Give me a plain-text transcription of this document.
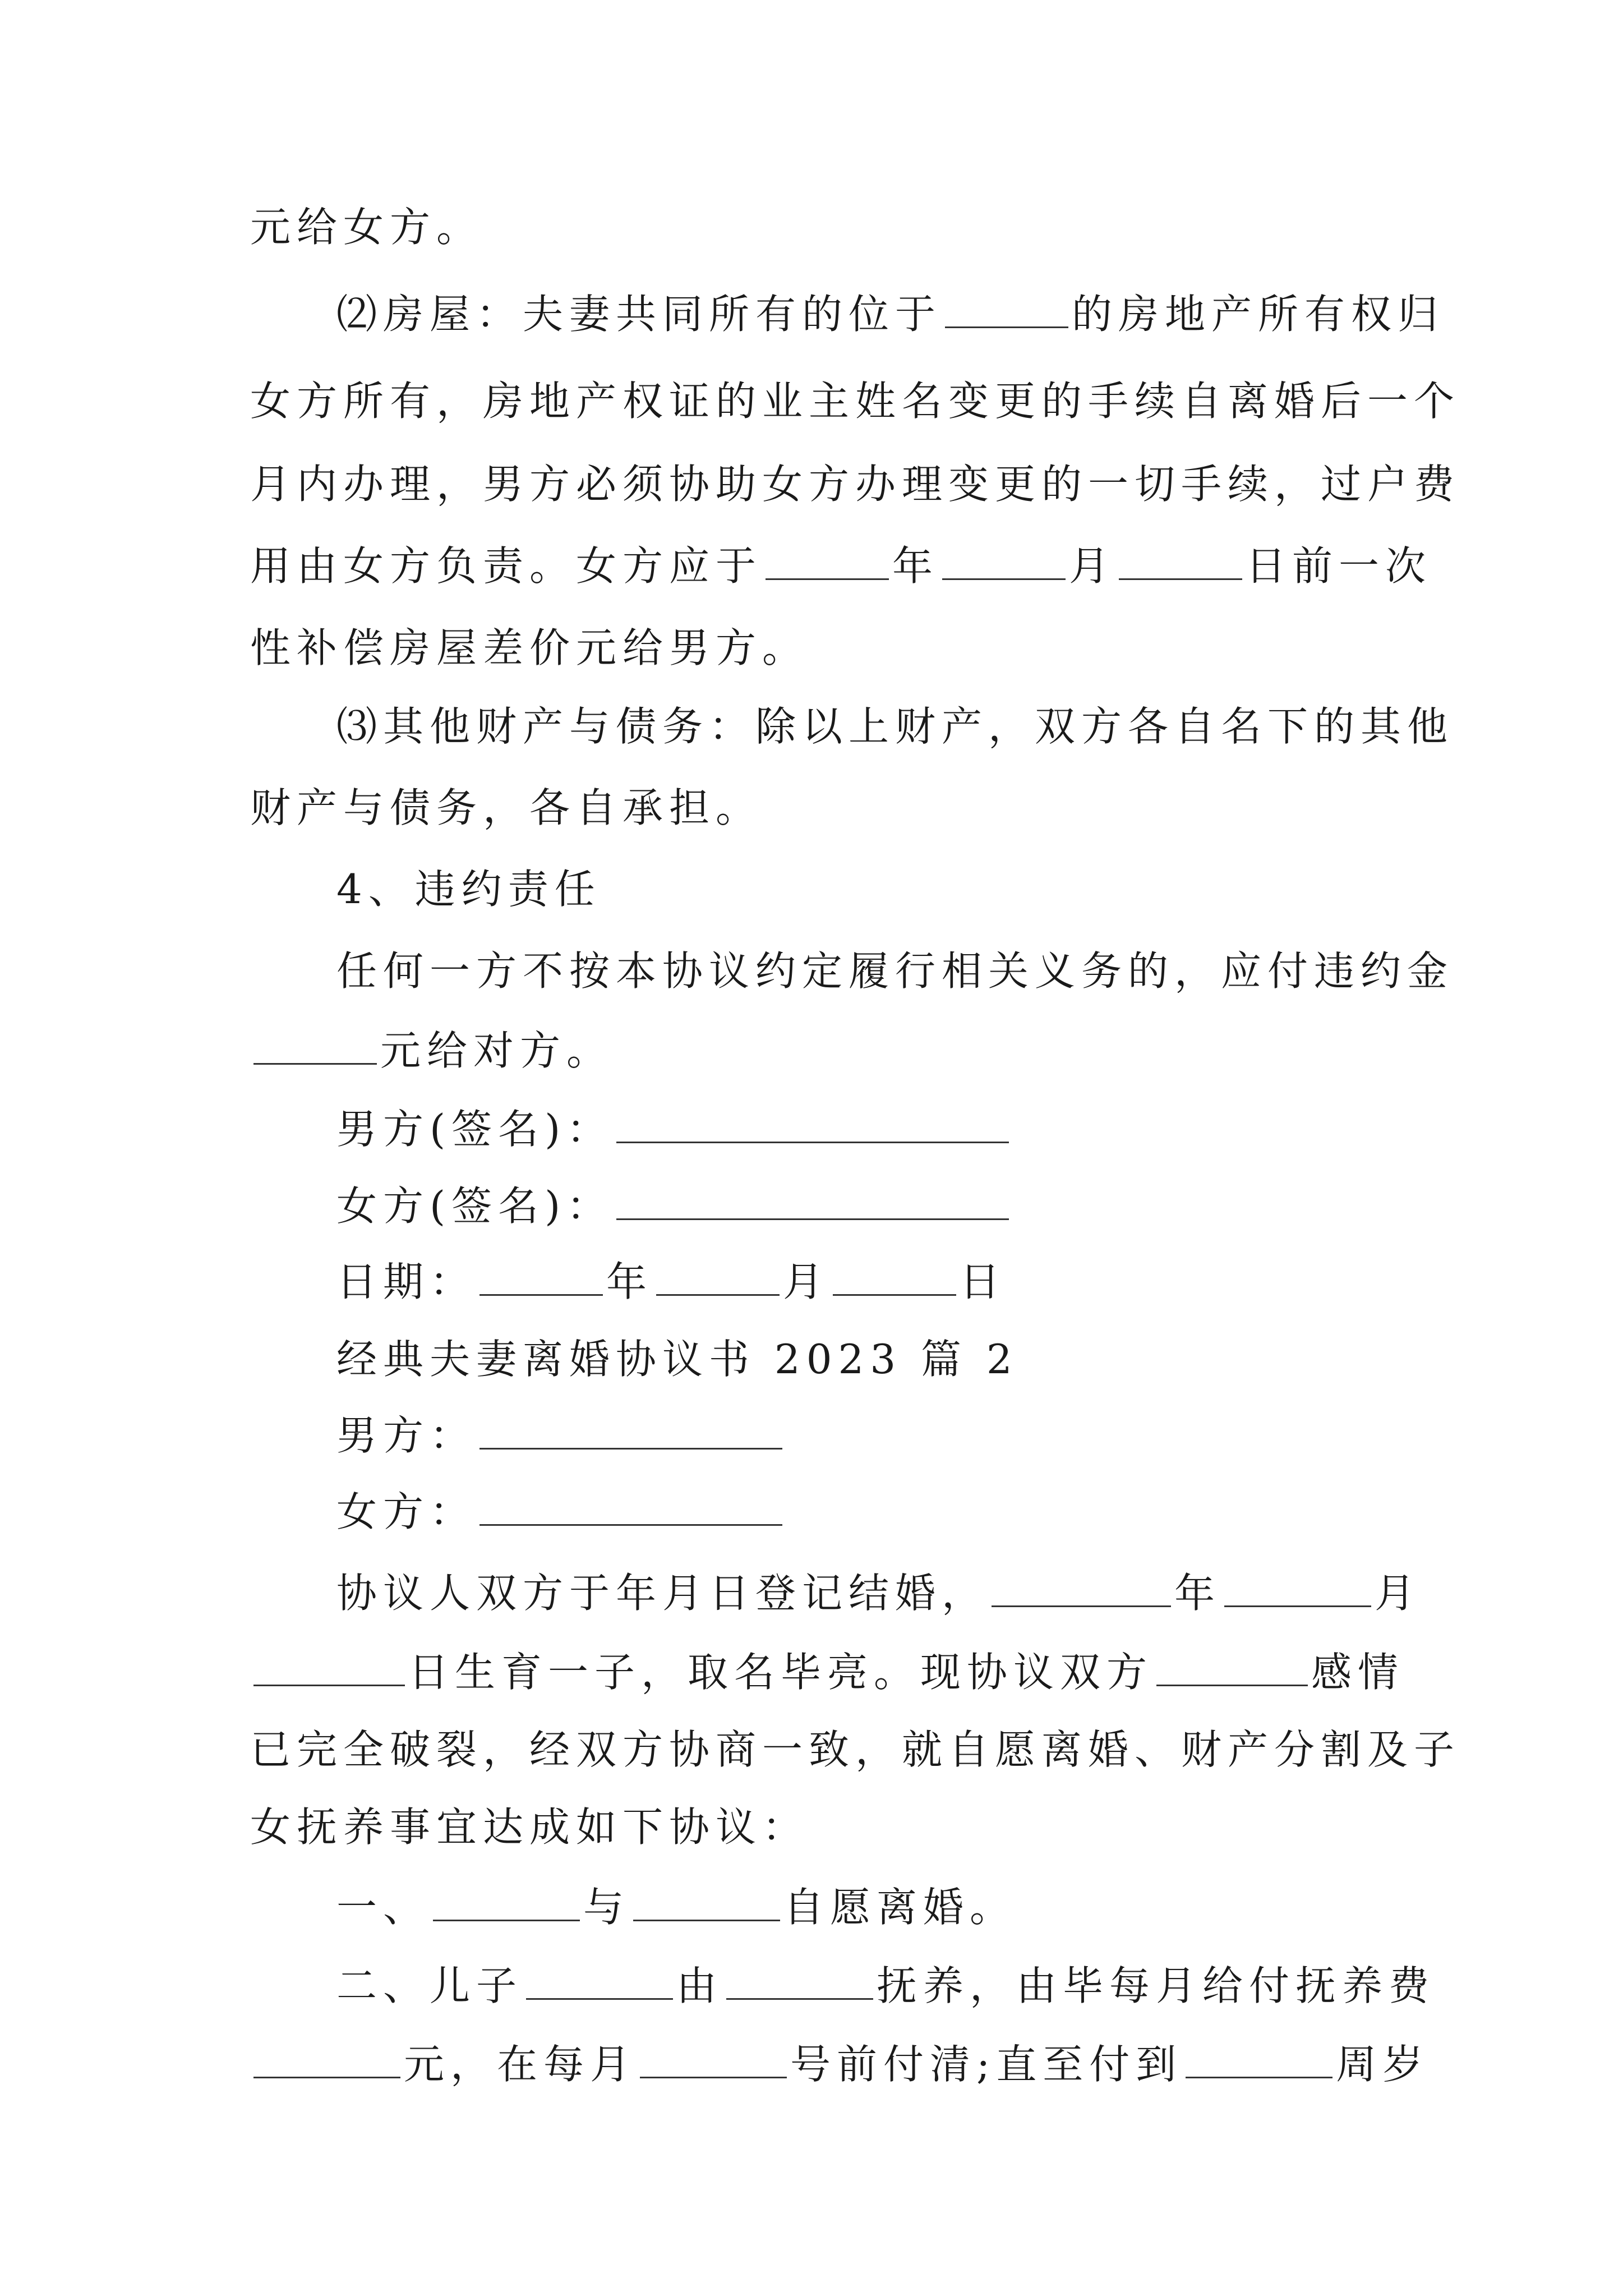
元给女方。
⑵房屋：夫妻共同所有的位于	的房地产所有权归
女方所有，房地产权证的业主姓名变更的手续自离婚后一个
月内办理，男方必须协助女方办理变更的一切手续，过户费
用由女方负责。女方应于	年	月	日前一次
性补偿房屋差价元给男方。
⑶其他财产与债务：除以上财产，双方各自名下的其他
财产与债务，各自承担。
4、违约责任
任何一方不按本协议约定履行相关义务的，应付违约金
元给对方。
男方(签名)：
女方(签名)：
日期：	年	月	日
经典夫妻离婚协议书 2023 篇 2
男方：
女方：
协议人双方于年月日登记结婚，	年	月
日生育一子，取名毕亮。现协议双方	感情
已完全破裂，经双方协商一致，就自愿离婚、财产分割及子
女抚养事宜达成如下协议：
一、	与	自愿离婚。
二、儿子	由	抚养，由毕每月给付抚养费
元，在每月	号前付清;直至付到	周岁
